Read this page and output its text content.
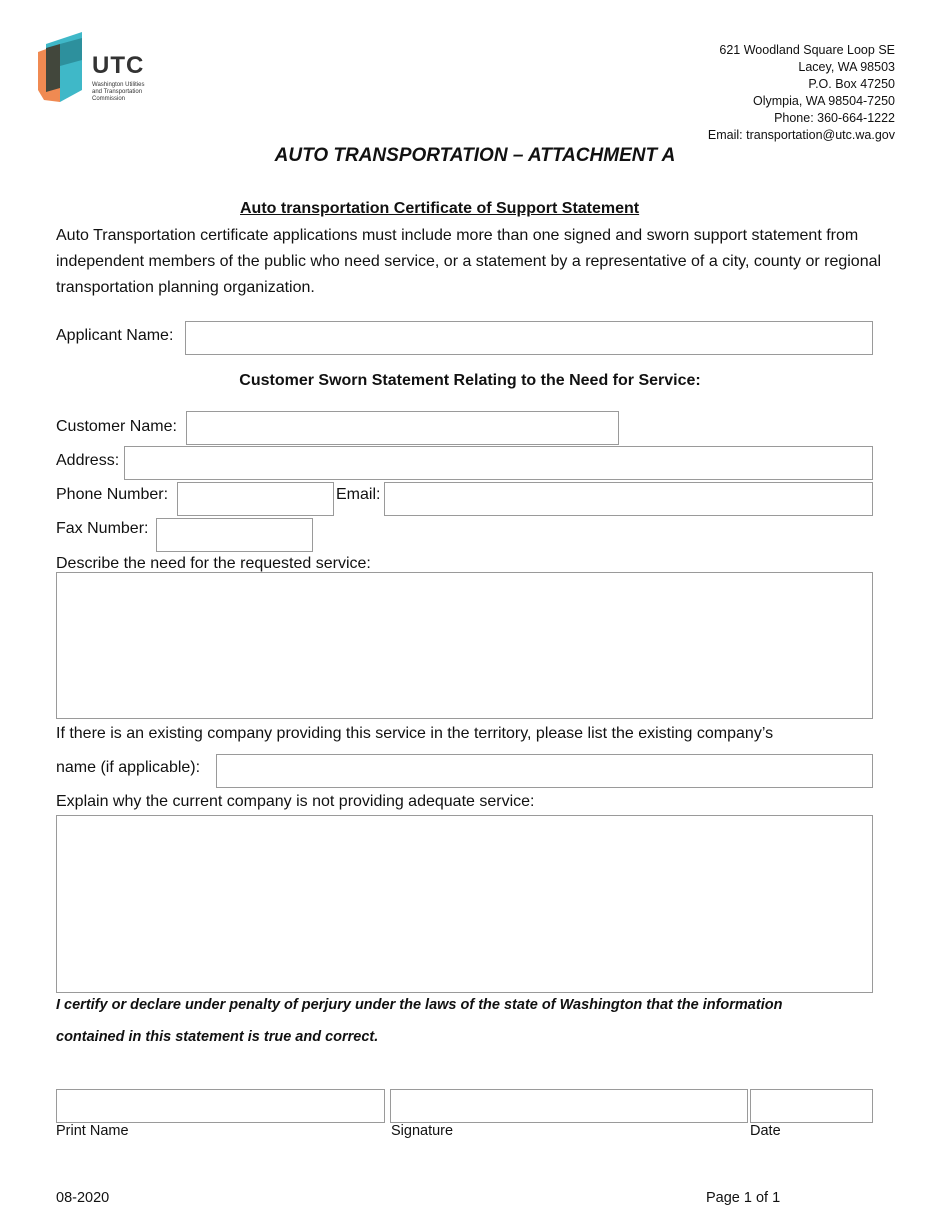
UTC
Washington Utilities
and Transportation
Commission
621 Woodland Square Loop SE
Lacey, WA 98503
P.O. Box 47250
Olympia, WA 98504-7250
Phone: 360-664-1222
Email: transportation@utc.wa.gov
AUTO TRANSPORTATION – ATTACHMENT A
Auto transportation Certificate of Support Statement
Auto Transportation certificate applications must include more than one signed and sworn support statement from independent members of the public who need service, or a statement by a representative of a city, county or regional transportation planning organization.
Applicant Name:
Customer Sworn Statement Relating to the Need for Service:
Customer Name:
Address:
Phone Number:	Email:
Fax Number:
Describe the need for the requested service:
If there is an existing company providing this service in the territory, please list the existing company’s
name (if applicable):
Explain why the current company is not providing adequate service:
I certify or declare under penalty of perjury under the laws of the state of Washington that the information
contained in this statement is true and correct.
Print Name	Signature	Date
08-2020	Page 1 of 1
